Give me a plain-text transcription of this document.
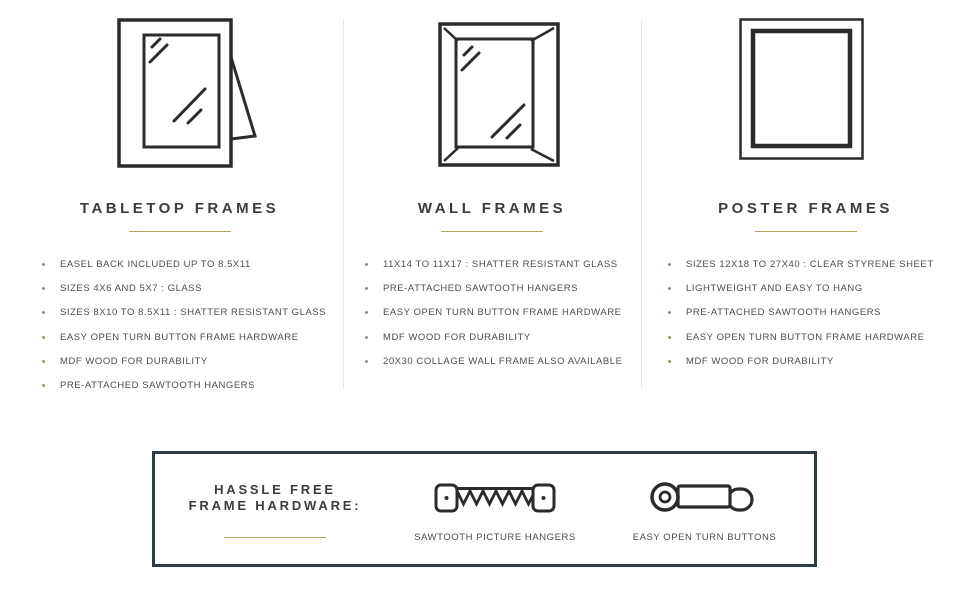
TABLETOP FRAMES
EASEL BACK INCLUDED UP TO 8.5X11
SIZES 4X6 AND 5X7 : GLASS
SIZES 8X10 TO 8.5X11 : SHATTER RESISTANT GLASS
EASY OPEN TURN BUTTON FRAME HARDWARE
MDF WOOD FOR DURABILITY
PRE-ATTACHED SAWTOOTH HANGERS
WALL FRAMES
11X14 TO 11X17 : SHATTER RESISTANT GLASS
PRE-ATTACHED SAWTOOTH HANGERS
EASY OPEN TURN BUTTON FRAME HARDWARE
MDF WOOD FOR DURABILITY
20X30 COLLAGE WALL FRAME ALSO AVAILABLE
POSTER FRAMES
SIZES 12X18 TO 27X40 : CLEAR STYRENE SHEET
LIGHTWEIGHT AND EASY TO HANG
PRE-ATTACHED SAWTOOTH HANGERS
EASY OPEN TURN BUTTON FRAME HARDWARE
MDF WOOD FOR DURABILITY
HASSLE FREE
FRAME HARDWARE:
SAWTOOTH PICTURE HANGERS	EASY OPEN TURN BUTTONS
